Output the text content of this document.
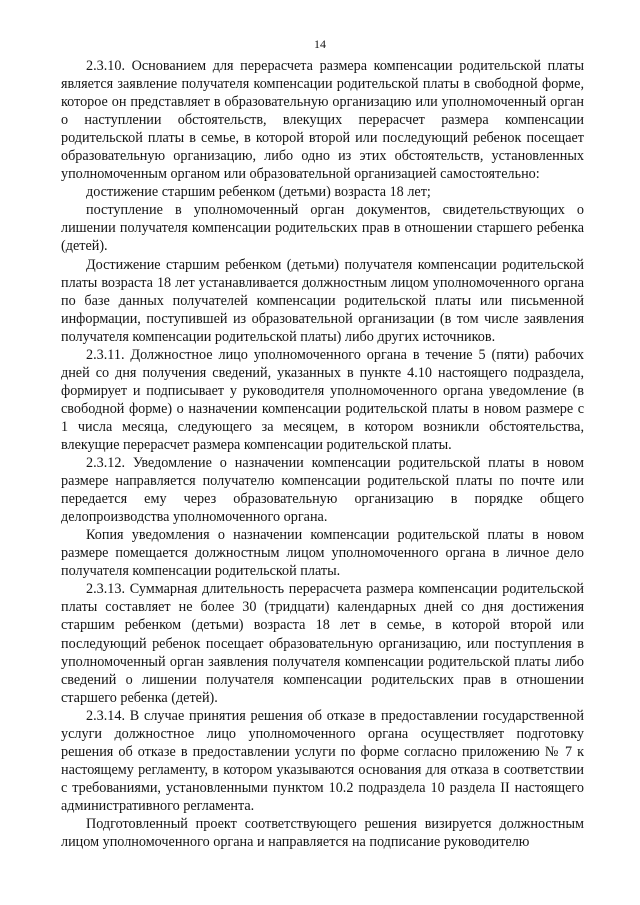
14

2.3.10. Основанием для перерасчета размера компенсации родительской платы является заявление получателя компенсации родительской платы в свободной форме, которое он представляет в образовательную организацию или уполномоченный орган о наступлении обстоятельств, влекущих перерасчет размера компенсации родительской платы в семье, в которой второй или последующий ребенок посещает образовательную организацию, либо одно из этих обстоятельств, установленных уполномоченным органом или образовательной организацией самостоятельно:

достижение старшим ребенком (детьми) возраста 18 лет;

поступление в уполномоченный орган документов, свидетельствующих о лишении получателя компенсации родительских прав в отношении старшего ребенка (детей).

Достижение старшим ребенком (детьми) получателя компенсации родительской платы возраста 18 лет устанавливается должностным лицом уполномоченного органа по базе данных получателей компенсации родительской платы или письменной информации, поступившей из образовательной организации (в том числе заявления получателя компенсации родительской платы) либо других источников.

2.3.11. Должностное лицо уполномоченного органа в течение 5 (пяти) рабочих дней со дня получения сведений, указанных в пункте 4.10 настоящего подраздела, формирует и подписывает у руководителя уполномоченного органа уведомление (в свободной форме) о назначении компенсации родительской платы в новом размере с 1 числа месяца, следующего за месяцем, в котором возникли обстоятельства, влекущие перерасчет размера компенсации родительской платы.

2.3.12. Уведомление о назначении компенсации родительской платы в новом размере направляется получателю компенсации родительской платы по почте или передается ему через образовательную организацию в порядке общего делопроизводства уполномоченного органа.

Копия уведомления о назначении компенсации родительской платы в новом размере помещается должностным лицом уполномоченного органа в личное дело получателя компенсации родительской платы.

2.3.13. Суммарная длительность перерасчета размера компенсации родительской платы составляет не более 30 (тридцати) календарных дней со дня достижения старшим ребенком (детьми) возраста 18 лет в семье, в которой второй или последующий ребенок посещает образовательную организацию, или поступления в уполномоченный орган заявления получателя компенсации родительской платы либо сведений о лишении получателя компенсации родительских прав в отношении старшего ребенка (детей).

2.3.14. В случае принятия решения об отказе в предоставлении государственной услуги должностное лицо уполномоченного органа осуществляет подготовку решения об отказе в предоставлении услуги по форме согласно приложению № 7 к настоящему регламенту, в котором указываются основания для отказа в соответствии с требованиями, установленными пунктом 10.2 подраздела 10 раздела II настоящего административного регламента.

Подготовленный проект соответствующего решения визируется должностным лицом уполномоченного органа и направляется на подписание руководителю
